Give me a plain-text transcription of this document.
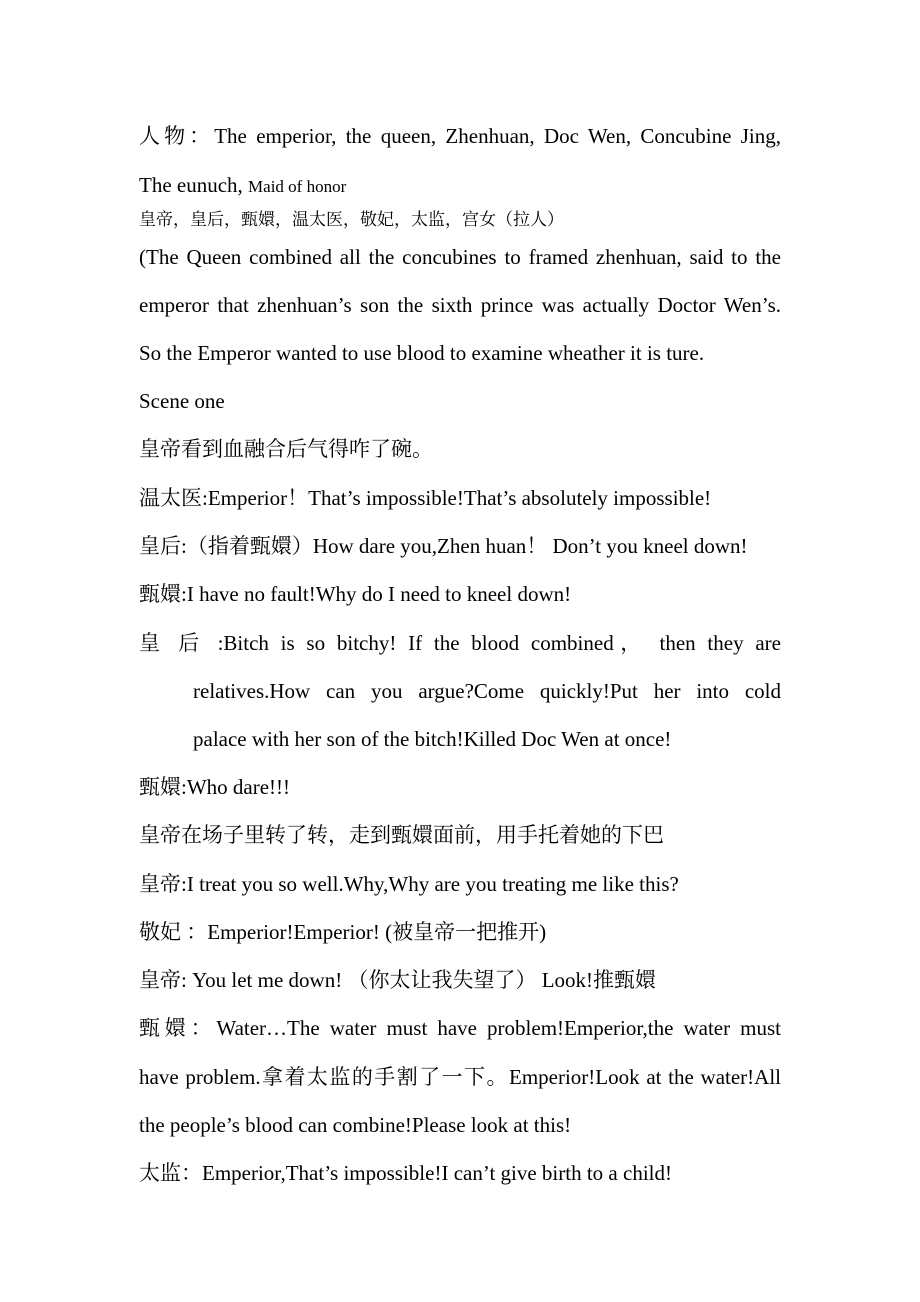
人物：The emperior, the queen, Zhenhuan, Doc Wen, Concubine Jing,
The eunuch, Maid of honor
皇帝，皇后，甄嬛，温太医，敬妃，太监，宫女（拉人）
(The Queen combined all the concubines to framed zhenhuan, said to the
emperor that zhenhuan’s son the sixth prince was actually Doctor Wen’s.
So the Emperor wanted to use blood to examine wheather it is ture.
Scene one
皇帝看到血融合后气得咋了碗。
温太医:Emperior！That’s impossible!That’s absolutely impossible!
皇后:（指着甄嬛）How dare you,Zhen huan！ Don’t you kneel down!
甄嬛:I have no fault!Why do I need to kneel down!
皇 后 :Bitch is so bitchy! If the blood combined， then they are
relatives.How can you argue?Come quickly!Put her into cold
palace with her son of the bitch!Killed Doc Wen at once!
甄嬛:Who dare!!!
皇帝在场子里转了转，走到甄嬛面前，用手托着她的下巴
皇帝:I treat you so well.Why,Why are you treating me like this?
敬妃 ：Emperior!Emperior! (被皇帝一把推开)
皇帝: You let me down! （你太让我失望了） Look!推甄嬛
甄嬛：Water…The water must have problem!Emperior,the water must
have problem.拿着太监的手割了一下。Emperior!Look at the water!All
the people’s blood can combine!Please look at this!
太监：Emperior,That’s impossible!I can’t give birth to a child!
